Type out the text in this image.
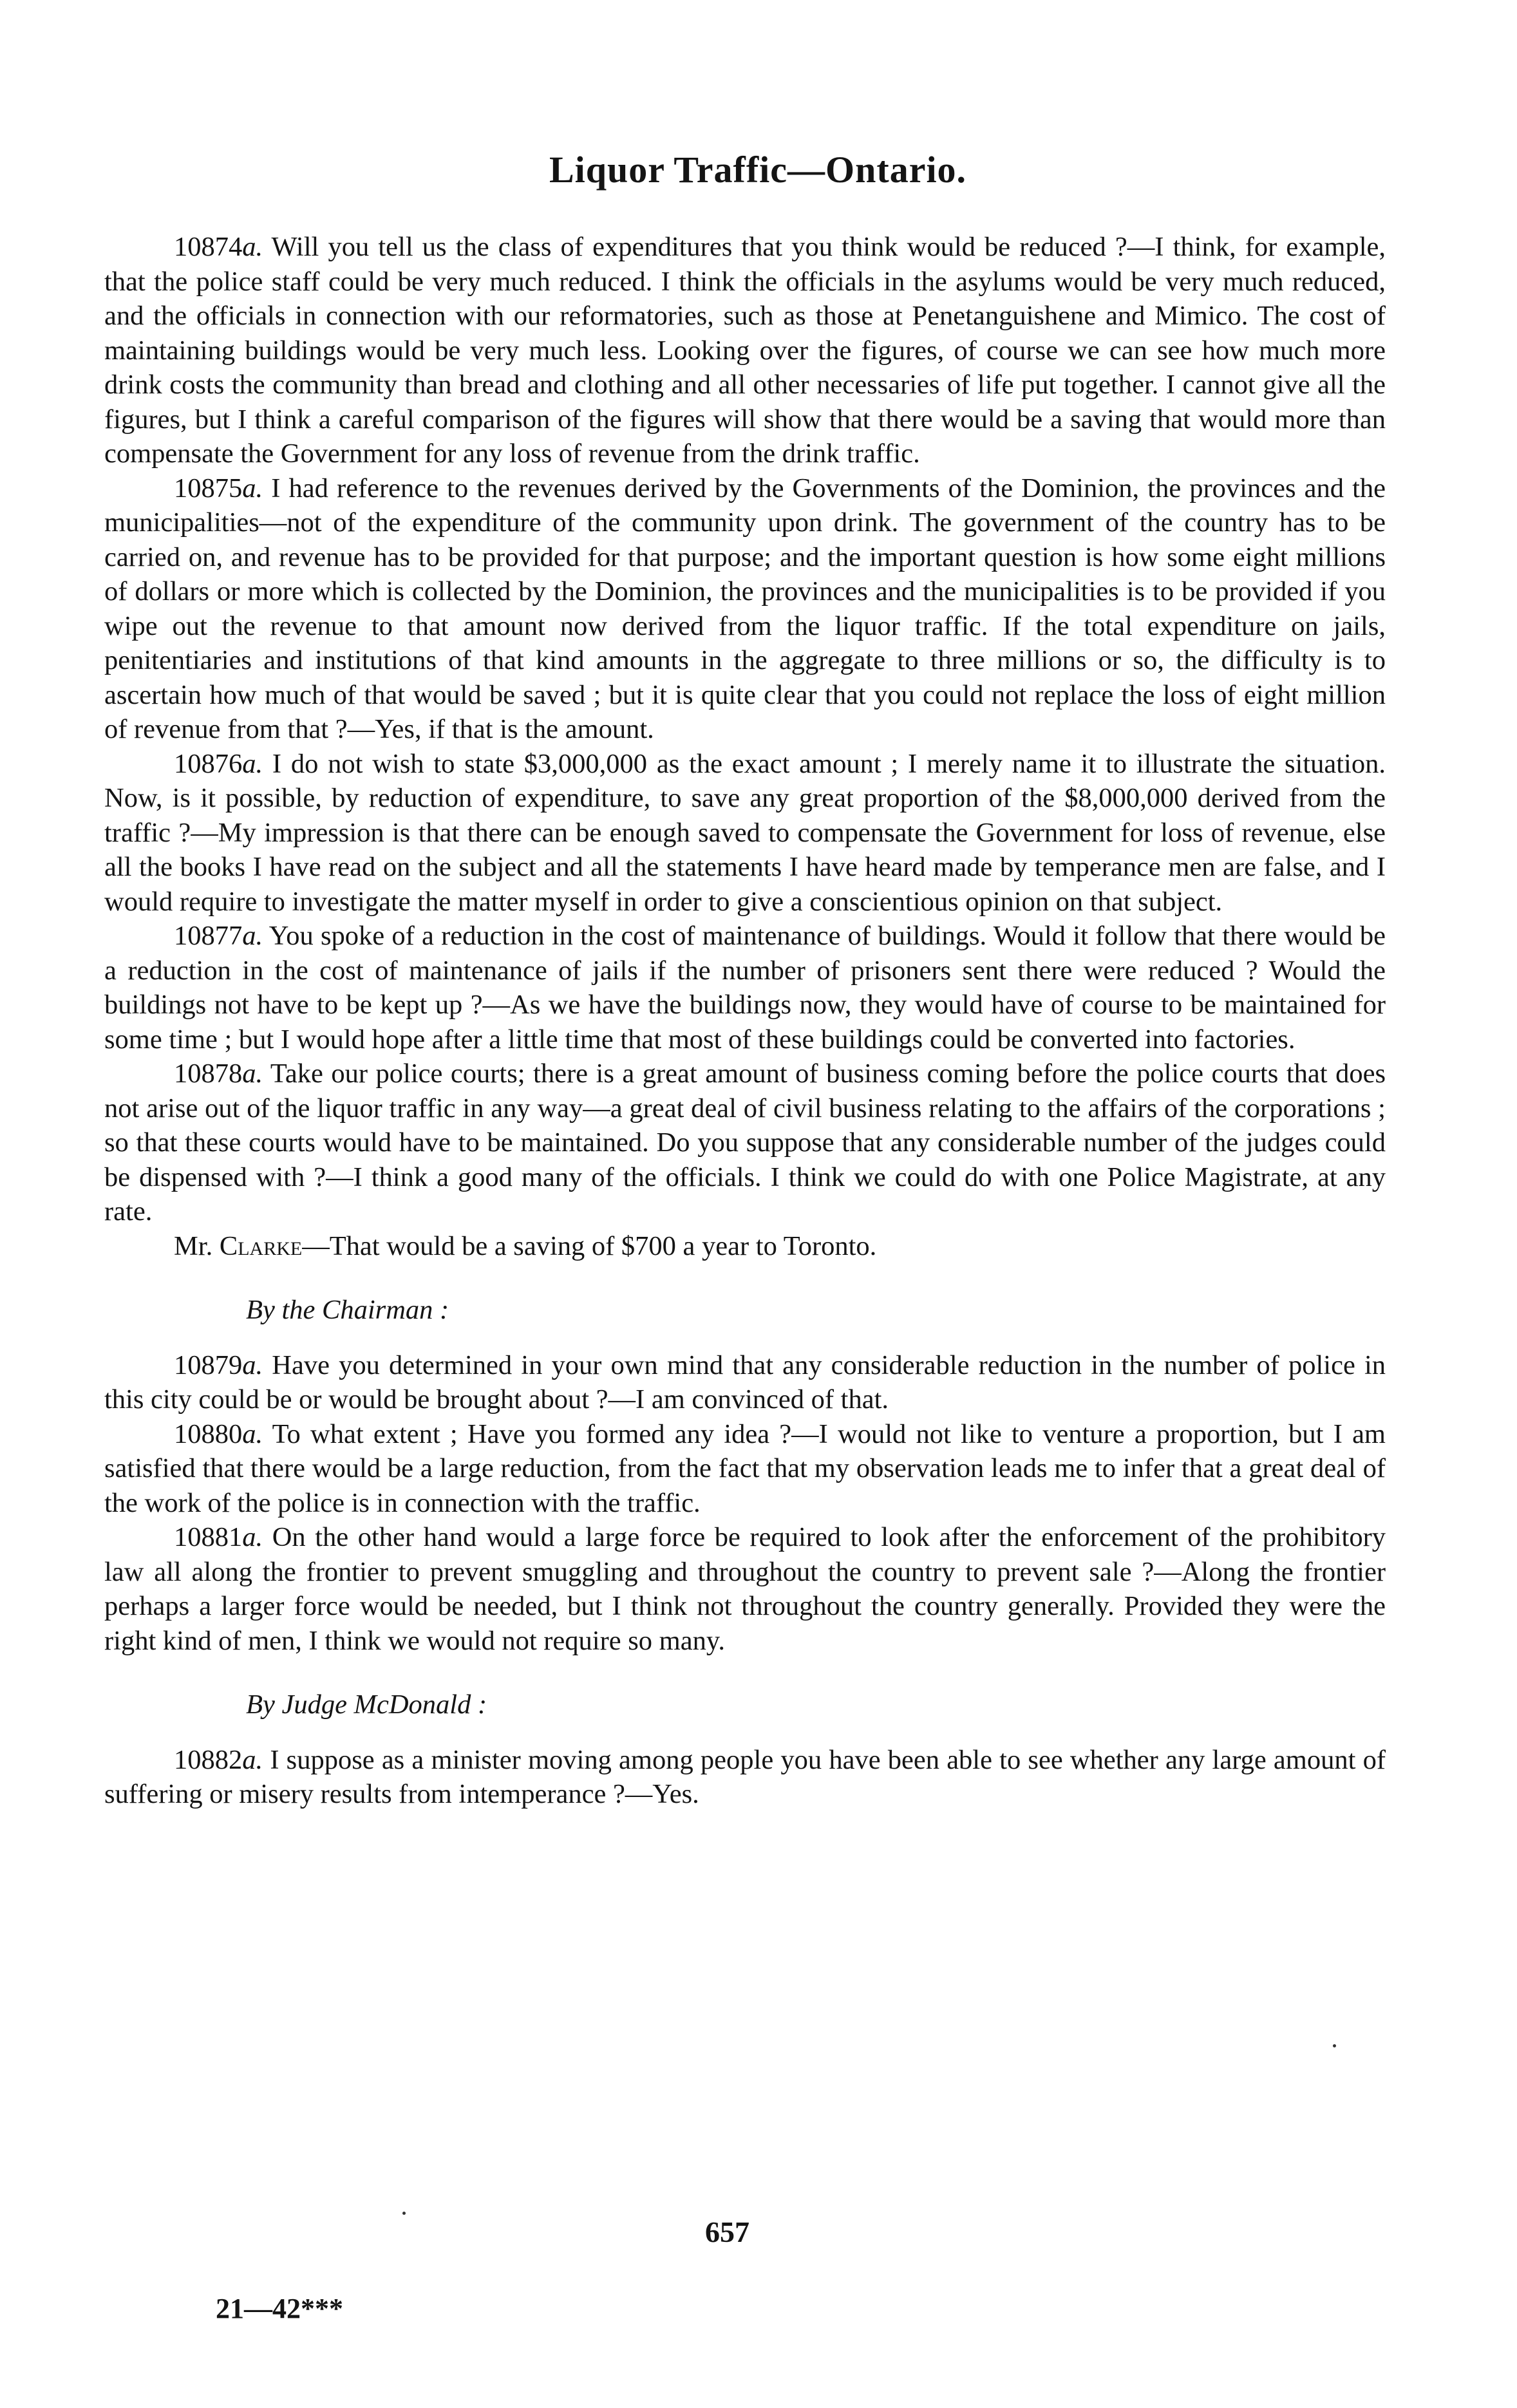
Liquor Traffic—Ontario.

10874a. Will you tell us the class of expenditures that you think would be reduced ?—I think, for example, that the police staff could be very much reduced. I think the officials in the asylums would be very much reduced, and the officials in connection with our reformatories, such as those at Penetanguishene and Mimico. The cost of maintaining buildings would be very much less. Looking over the figures, of course we can see how much more drink costs the community than bread and clothing and all other necessaries of life put together. I cannot give all the figures, but I think a careful comparison of the figures will show that there would be a saving that would more than compensate the Government for any loss of revenue from the drink traffic.

10875a. I had reference to the revenues derived by the Governments of the Dominion, the provinces and the municipalities—not of the expenditure of the community upon drink. The government of the country has to be carried on, and revenue has to be provided for that purpose; and the important question is how some eight millions of dollars or more which is collected by the Dominion, the provinces and the municipalities is to be provided if you wipe out the revenue to that amount now derived from the liquor traffic. If the total expenditure on jails, penitentiaries and institutions of that kind amounts in the aggregate to three millions or so, the difficulty is to ascertain how much of that would be saved ; but it is quite clear that you could not replace the loss of eight million of revenue from that ?—Yes, if that is the amount.

10876a. I do not wish to state $3,000,000 as the exact amount ; I merely name it to illustrate the situation. Now, is it possible, by reduction of expenditure, to save any great proportion of the $8,000,000 derived from the traffic ?—My impression is that there can be enough saved to compensate the Government for loss of revenue, else all the books I have read on the subject and all the statements I have heard made by temperance men are false, and I would require to investigate the matter myself in order to give a conscientious opinion on that subject.

10877a. You spoke of a reduction in the cost of maintenance of buildings. Would it follow that there would be a reduction in the cost of maintenance of jails if the number of prisoners sent there were reduced ? Would the buildings not have to be kept up ?—As we have the buildings now, they would have of course to be maintained for some time ; but I would hope after a little time that most of these buildings could be converted into factories.

10878a. Take our police courts; there is a great amount of business coming before the police courts that does not arise out of the liquor traffic in any way—a great deal of civil business relating to the affairs of the corporations ; so that these courts would have to be maintained. Do you suppose that any considerable number of the judges could be dispensed with ?—I think a good many of the officials. I think we could do with one Police Magistrate, at any rate.

Mr. Clarke—That would be a saving of $700 a year to Toronto.

By the Chairman :

10879a. Have you determined in your own mind that any considerable reduction in the number of police in this city could be or would be brought about ?—I am convinced of that.

10880a. To what extent ; Have you formed any idea ?—I would not like to venture a proportion, but I am satisfied that there would be a large reduction, from the fact that my observation leads me to infer that a great deal of the work of the police is in connection with the traffic.

10881a. On the other hand would a large force be required to look after the enforcement of the prohibitory law all along the frontier to prevent smuggling and throughout the country to prevent sale ?—Along the frontier perhaps a larger force would be needed, but I think not throughout the country generally. Provided they were the right kind of men, I think we would not require so many.

By Judge McDonald :

10882a. I suppose as a minister moving among people you have been able to see whether any large amount of suffering or misery results from intemperance ?—Yes.

657
21—42***
